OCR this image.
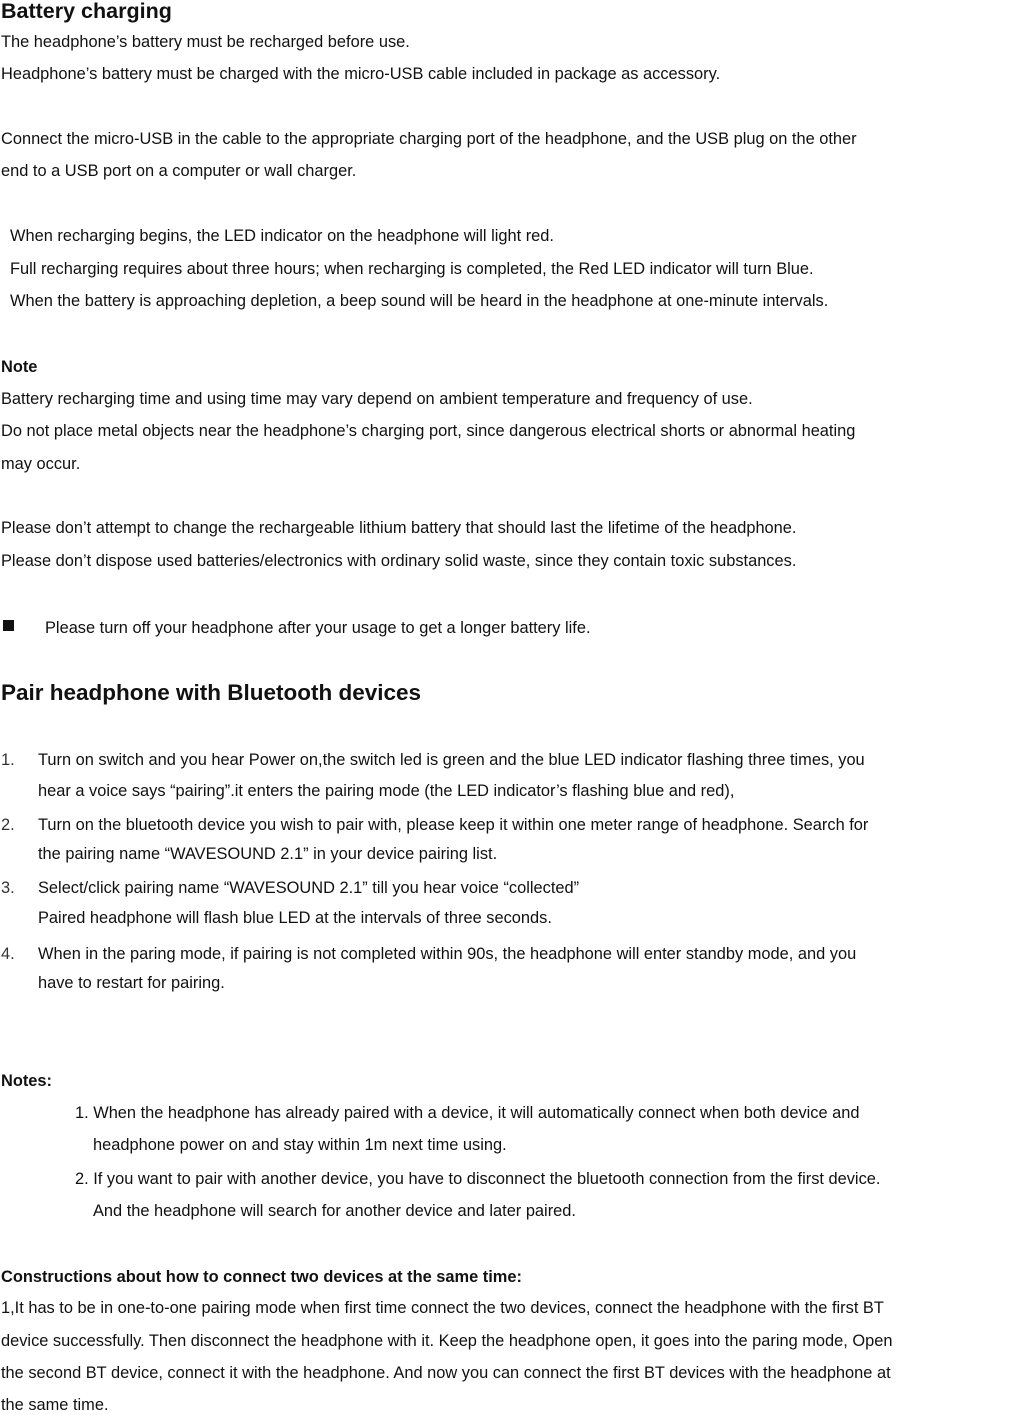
Battery charging
The headphone’s battery must be recharged before use.
Headphone’s battery must be charged with the micro-USB cable included in package as accessory.
Connect the micro-USB in the cable to the appropriate charging port of the headphone, and the USB plug on the other
end to a USB port on a computer or wall charger.
When recharging begins, the LED indicator on the headphone will light red.
Full recharging requires about three hours; when recharging is completed, the Red LED indicator will turn Blue.
When the battery is approaching depletion, a beep sound will be heard in the headphone at one-minute intervals.
Note
Battery recharging time and using time may vary depend on ambient temperature and frequency of use.
Do not place metal objects near the headphone’s charging port, since dangerous electrical shorts or abnormal heating
may occur.
Please don’t attempt to change the rechargeable lithium battery that should last the lifetime of the headphone.
Please don’t dispose used batteries/electronics with ordinary solid waste, since they contain toxic substances.
Please turn off your headphone after your usage to get a longer battery life.
Pair headphone with Bluetooth devices
1. Turn on switch and you hear Power on,the switch led is green and the blue LED indicator flashing three times, you
hear a voice says “pairing”.it enters the pairing mode (the LED indicator’s flashing blue and red),
2. Turn on the bluetooth device you wish to pair with, please keep it within one meter range of headphone. Search for
the pairing name “WAVESOUND 2.1” in your device pairing list.
3. Select/click pairing name “WAVESOUND 2.1” till you hear voice “collected”
Paired headphone will flash blue LED at the intervals of three seconds.
4. When in the paring mode, if pairing is not completed within 90s, the headphone will enter standby mode, and you
have to restart for pairing.
Notes:
1. When the headphone has already paired with a device, it will automatically connect when both device and
headphone power on and stay within 1m next time using.
2. If you want to pair with another device, you have to disconnect the bluetooth connection from the first device.
And the headphone will search for another device and later paired.
Constructions about how to connect two devices at the same time:
1,It has to be in one-to-one pairing mode when first time connect the two devices, connect the headphone with the first BT
device successfully. Then disconnect the headphone with it. Keep the headphone open, it goes into the paring mode, Open
the second BT device, connect it with the headphone. And now you can connect the first BT devices with the headphone at
the same time.
